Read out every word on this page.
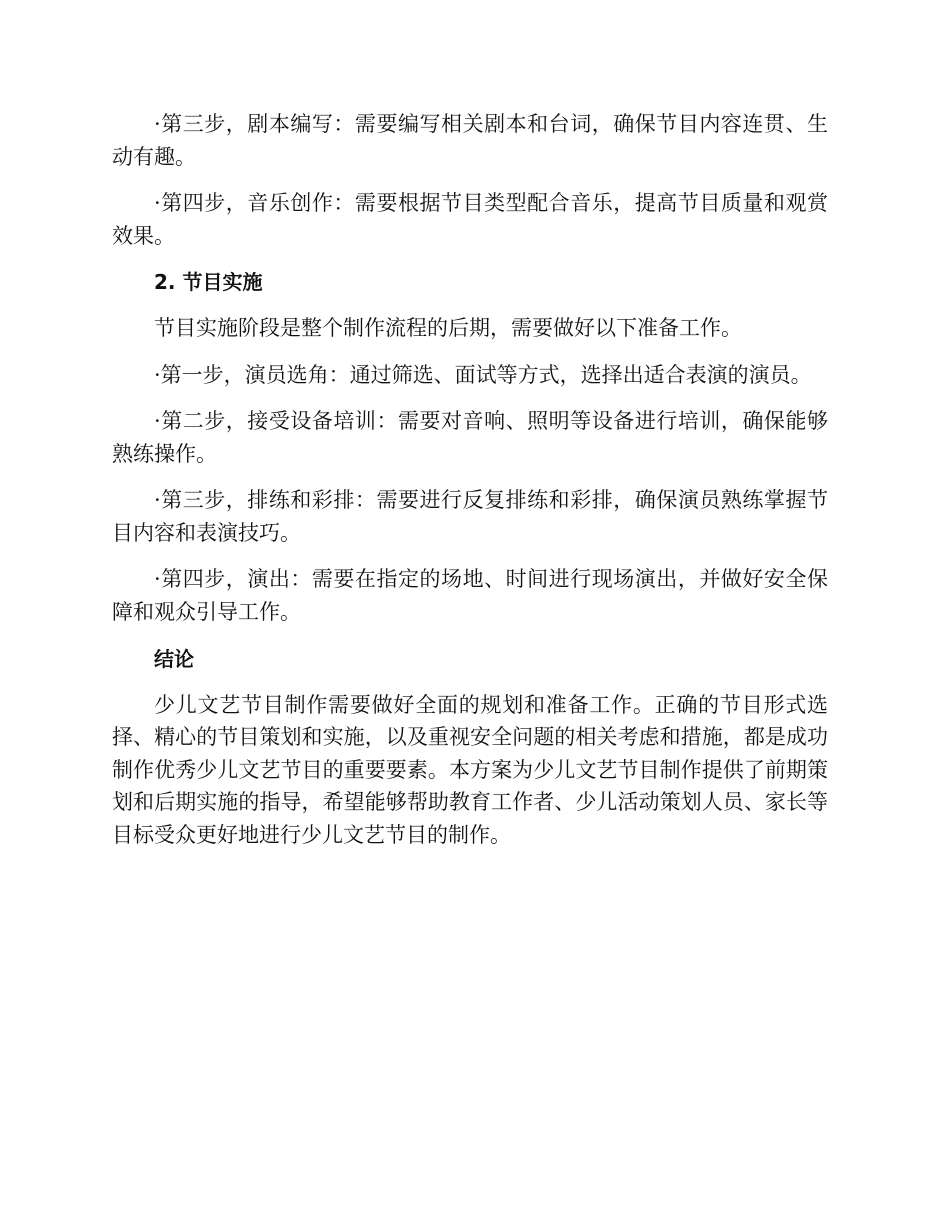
·第三步，剧本编写：需要编写相关剧本和台词，确保节目内容连贯、生动有趣。

·第四步，音乐创作：需要根据节目类型配合音乐，提高节目质量和观赏效果。

2. 节目实施

节目实施阶段是整个制作流程的后期，需要做好以下准备工作。

·第一步，演员选角：通过筛选、面试等方式，选择出适合表演的演员。

·第二步，接受设备培训：需要对音响、照明等设备进行培训，确保能够熟练操作。

·第三步，排练和彩排：需要进行反复排练和彩排，确保演员熟练掌握节目内容和表演技巧。

·第四步，演出：需要在指定的场地、时间进行现场演出，并做好安全保障和观众引导工作。

结论

少儿文艺节目制作需要做好全面的规划和准备工作。正确的节目形式选择、精心的节目策划和实施，以及重视安全问题的相关考虑和措施，都是成功制作优秀少儿文艺节目的重要要素。本方案为少儿文艺节目制作提供了前期策划和后期实施的指导，希望能够帮助教育工作者、少儿活动策划人员、家长等目标受众更好地进行少儿文艺节目的制作。
